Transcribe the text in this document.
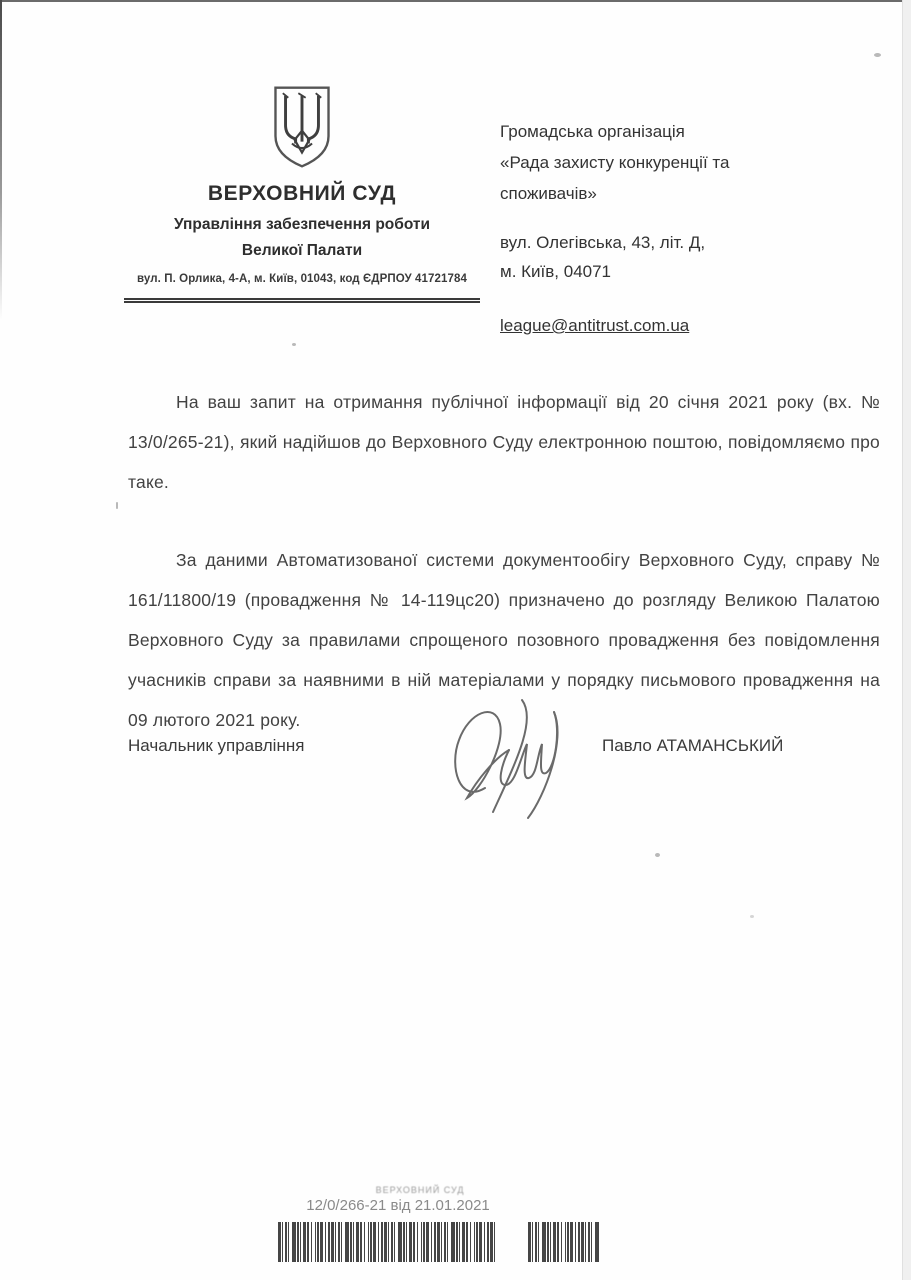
ВЕРХОВНИЙ СУД
Управління забезпечення роботи
Великої Палати
вул. П. Орлика, 4-А, м. Київ, 01043, код ЄДРПОУ 41721784
Громадська організація
«Рада захисту конкуренції та
споживачів»
вул. Олегівська, 43, літ. Д,
м. Київ, 04071
league@antitrust.com.ua

На ваш запит на отримання публічної інформації від 20 січня 2021 року (вх. № 13/0/265-21), який надійшов до Верховного Суду електронною поштою, повідомляємо про таке.

За даними Автоматизованої системи документообігу Верховного Суду, справу № 161/11800/19 (провадження № 14-119цс20) призначено до розгляду Великою Палатою Верховного Суду за правилами спрощеного позовного провадження без повідомлення учасників справи за наявними в ній матеріалами у порядку письмового провадження на 09 лютого 2021 року.

Начальник управління	Павло АТАМАНСЬКИЙ
ВЕРХОВНИЙ СУД
12/0/266-21 від 21.01.2021
